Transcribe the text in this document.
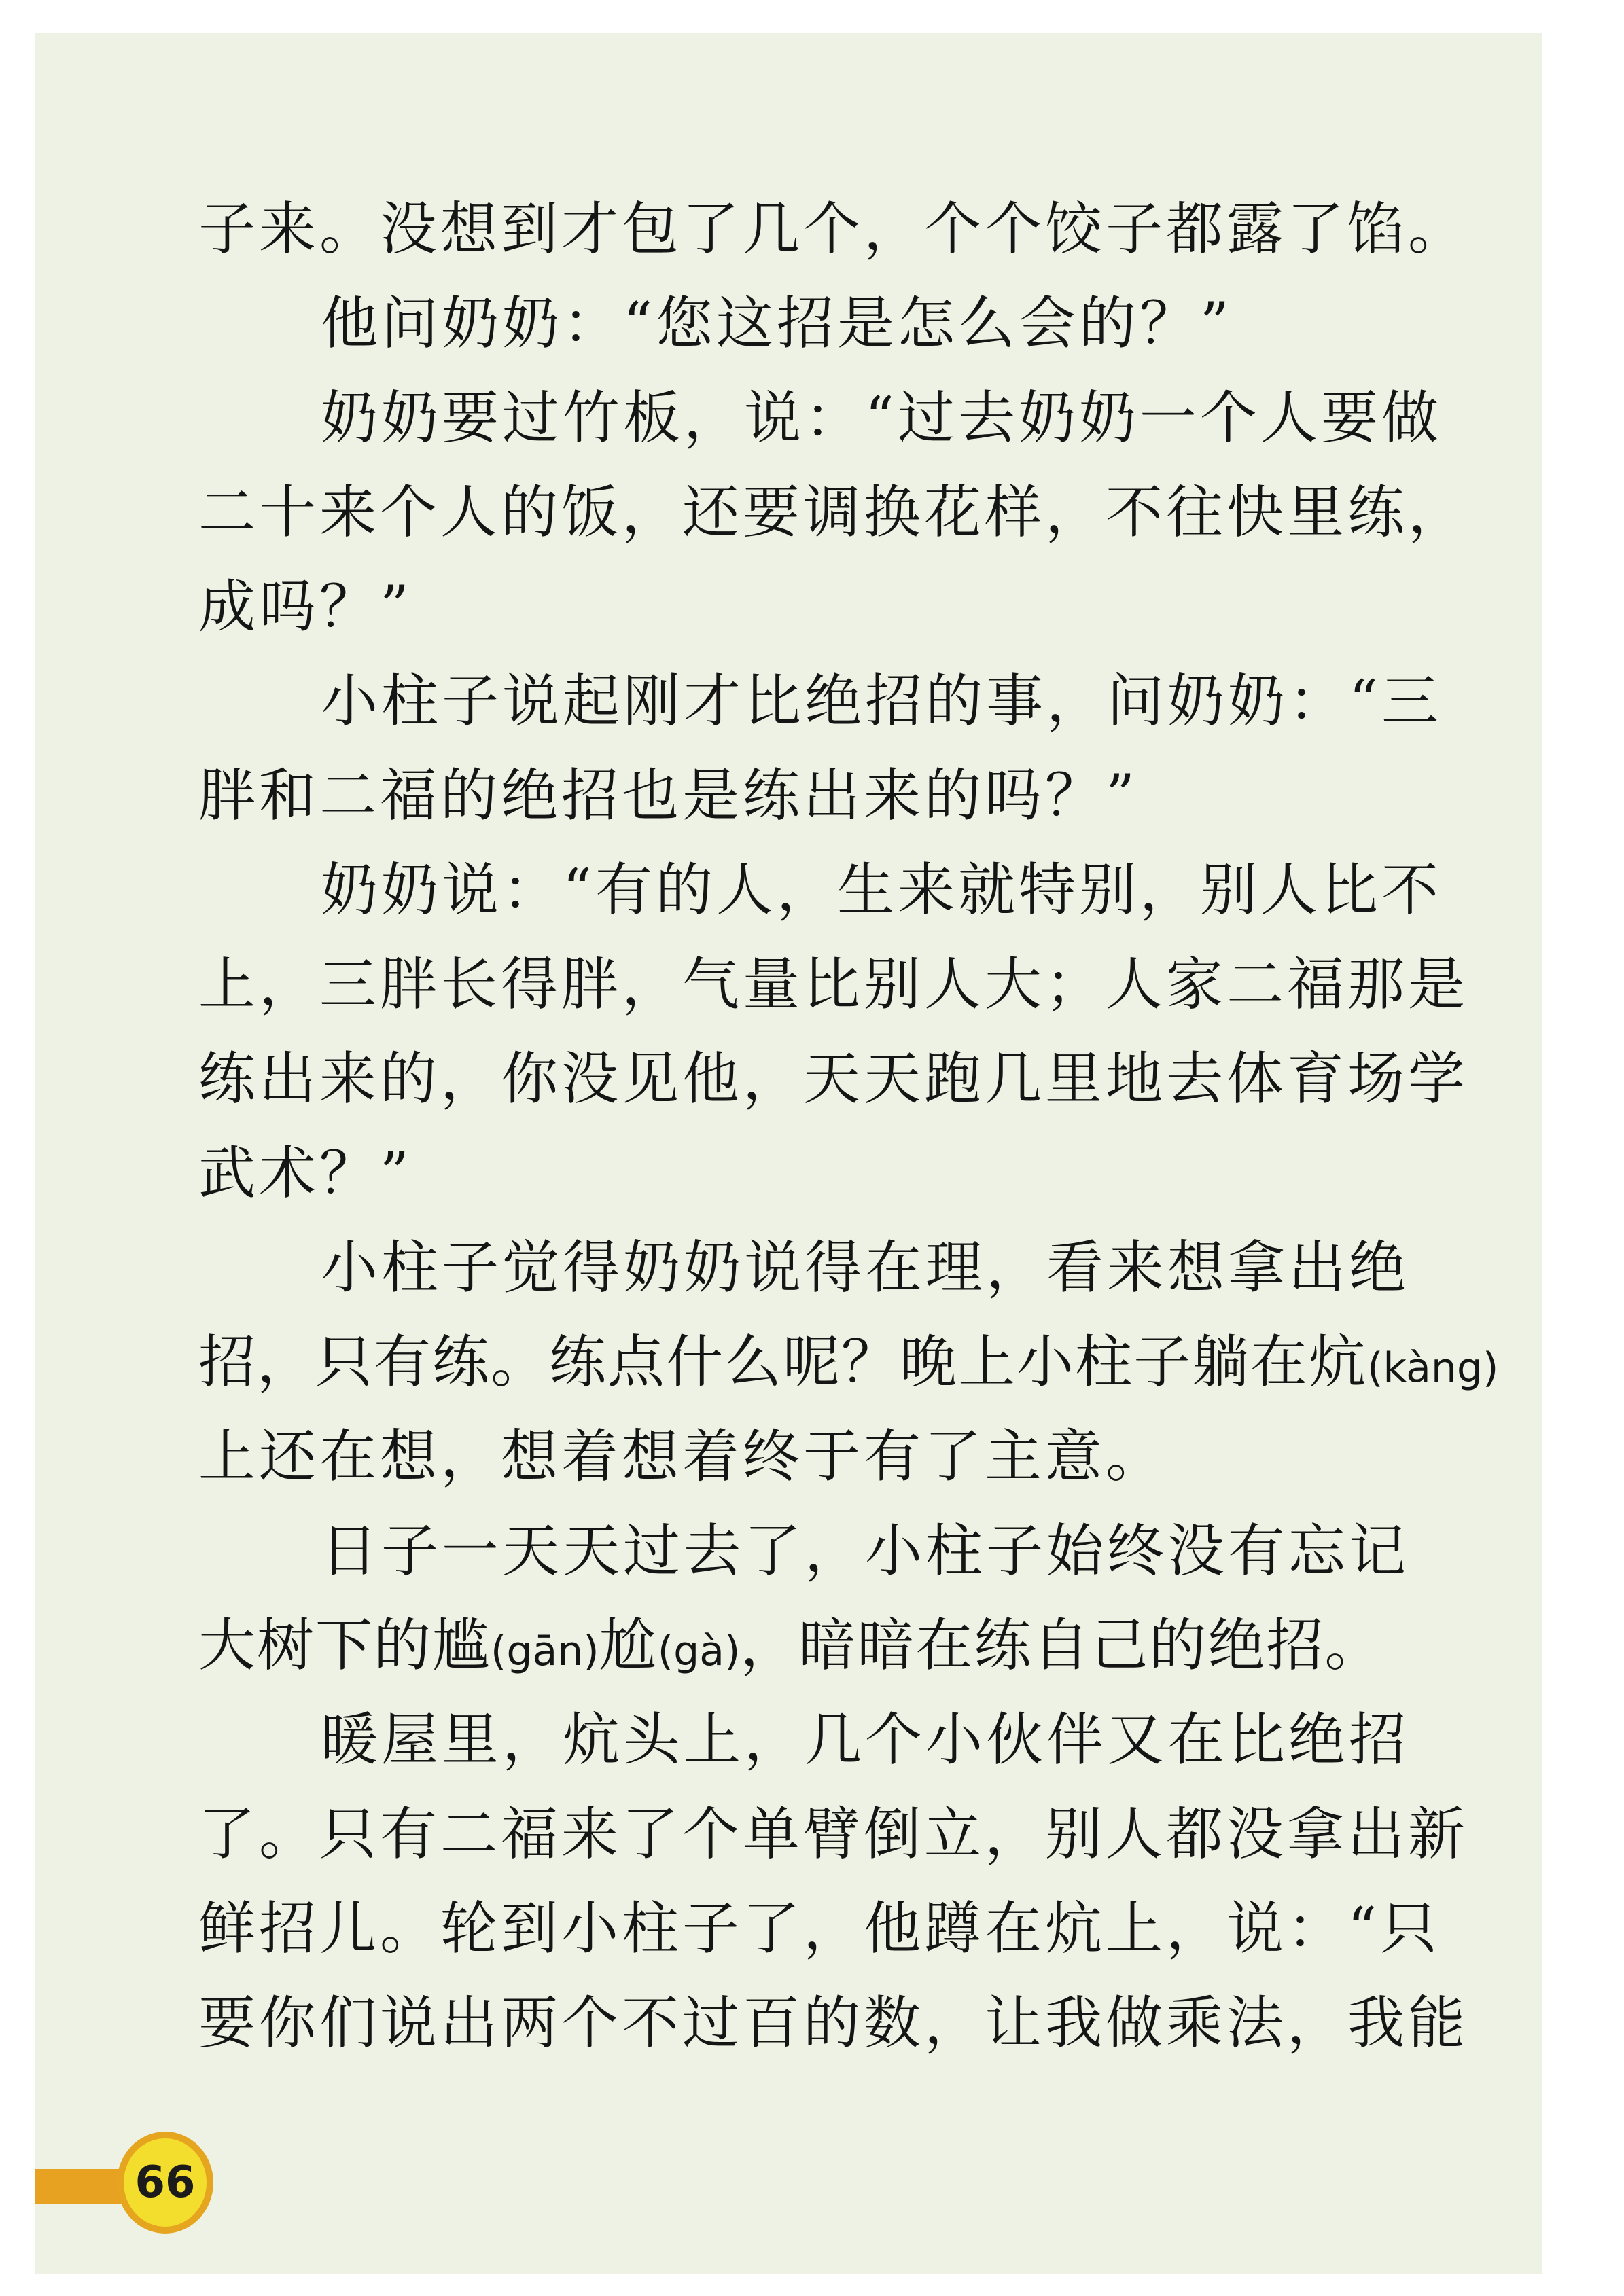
子来。没想到才包了几个，个个饺子都露了馅。
他问奶奶：“您这招是怎么会的？”
奶奶要过竹板，说：“过去奶奶一个人要做
二十来个人的饭，还要调换花样，不往快里练，
成吗？”
小柱子说起刚才比绝招的事，问奶奶：“三
胖和二福的绝招也是练出来的吗？”
奶奶说：“有的人，生来就特别，别人比不
上，三胖长得胖，气量比别人大；人家二福那是
练出来的，你没见他，天天跑几里地去体育场学
武术？”
小柱子觉得奶奶说得在理，看来想拿出绝
招，只有练。练点什么呢？晚上小柱子躺在炕(kàng)
上还在想，想着想着终于有了主意。
日子一天天过去了，小柱子始终没有忘记
大树下的尴(gān)尬(gà)，暗暗在练自己的绝招。
暖屋里，炕头上，几个小伙伴又在比绝招
了。只有二福来了个单臂倒立，别人都没拿出新
鲜招儿。轮到小柱子了，他蹲在炕上，说：“只
要你们说出两个不过百的数，让我做乘法，我能
66
